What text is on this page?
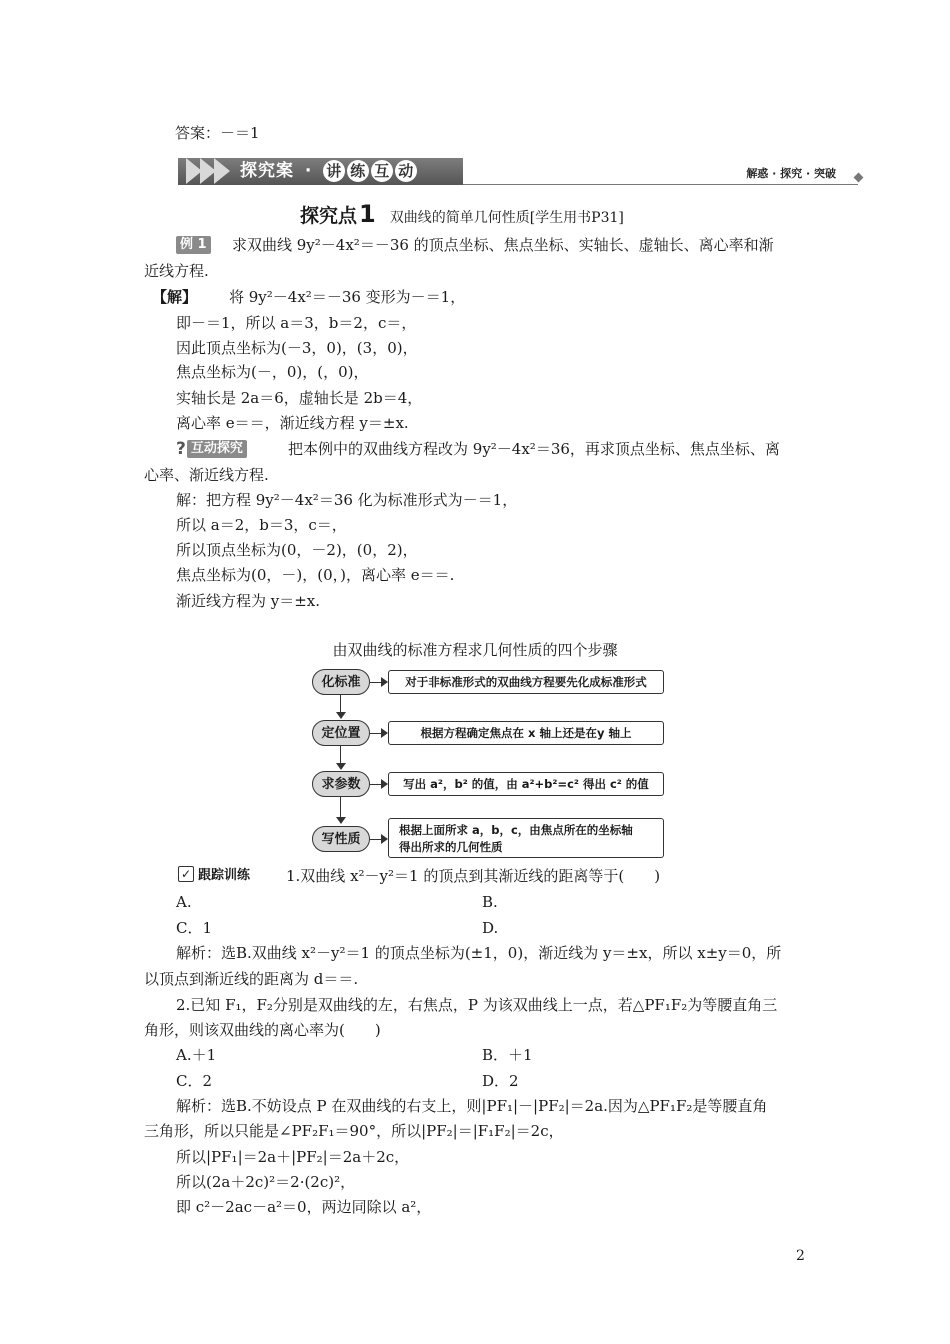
答案：－＝1
探究案 · 讲 练 互 动	解惑 · 探究 · 突破
探究点1 双曲线的简单几何性质[学生用书P31]
例 1 求双曲线 9y²－4x²＝－36 的顶点坐标、焦点坐标、实轴长、虚轴长、离心率和渐
近线方程.
【解】 将 9y²－4x²＝－36 变形为－＝1，
即－＝1，所以 a＝3，b＝2，c＝，
因此顶点坐标为(－3，0)，(3，0)，
焦点坐标为(－，0)，(，0)，
实轴长是 2a＝6，虚轴长是 2b＝4，
离心率 e＝＝，渐近线方程 y＝±x.
? 互动探究	把本例中的双曲线方程改为 9y²－4x²＝36，再求顶点坐标、焦点坐标、离
心率、渐近线方程.
解：把方程 9y²－4x²＝36 化为标准形式为－＝1，
所以 a＝2，b＝3，c＝，
所以顶点坐标为(0，－2)，(0，2)，
焦点坐标为(0，－)，(0，)，离心率 e＝＝.
渐近线方程为 y＝±x.
由双曲线的标准方程求几何性质的四个步骤
化标准	对于非标准形式的双曲线方程要先化成标准形式
定位置	根据方程确定焦点在 x 轴上还是在y 轴上
求参数	写出 a²，b² 的值，由 a²+b²=c² 得出 c² 的值
写性质
根据上面所求 a，b，c，由焦点所在的坐标轴
得出所求的几何性质
✓ 跟踪训练 1.双曲线 x²－y²＝1 的顶点到其渐近线的距离等于(　　)
A.	B.
C．1	D.
解析：选B.双曲线 x²－y²＝1 的顶点坐标为(±1，0)，渐近线为 y＝±x，所以 x±y＝0，所
以顶点到渐近线的距离为 d＝＝.
2.已知 F₁，F₂分别是双曲线的左，右焦点，P 为该双曲线上一点，若△PF₁F₂为等腰直角三
角形，则该双曲线的离心率为(　　)
A.＋1	B．＋1
C．2	D．2
解析：选B.不妨设点 P 在双曲线的右支上，则|PF₁|－|PF₂|＝2a.因为△PF₁F₂是等腰直角
三角形，所以只能是∠PF₂F₁＝90°，所以|PF₂|＝|F₁F₂|＝2c，
所以|PF₁|＝2a＋|PF₂|＝2a＋2c，
所以(2a＋2c)²＝2·(2c)²，
即 c²－2ac－a²＝0，两边同除以 a²，
2
